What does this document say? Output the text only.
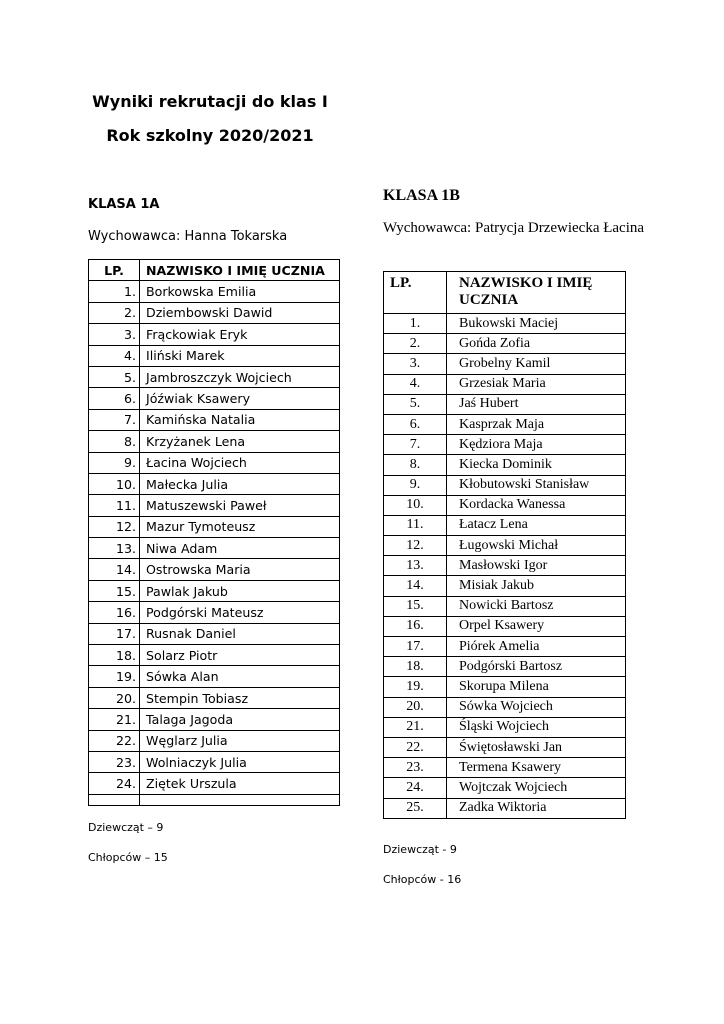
Wyniki rekrutacji do klas I
Rok szkolny 2020/2021

KLASA 1A

Wychowawca: Hanna Tokarska

LP.	NAZWISKO I IMIĘ UCZNIA
1.	Borkowska Emilia
2.	Dziembowski Dawid
3.	Frąckowiak Eryk
4.	Iliński Marek
5.	Jambroszczyk Wojciech
6.	Jóźwiak Ksawery
7.	Kamińska Natalia
8.	Krzyżanek Lena
9.	Łacina Wojciech
10.	Małecka Julia
11.	Matuszewski Paweł
12.	Mazur Tymoteusz
13.	Niwa Adam
14.	Ostrowska Maria
15.	Pawlak Jakub
16.	Podgórski Mateusz
17.	Rusnak Daniel
18.	Solarz Piotr
19.	Sówka Alan
20.	Stempin Tobiasz
21.	Talaga Jagoda
22.	Węglarz Julia
23.	Wolniaczyk Julia
24.	Ziętek Urszula

KLASA 1B

Wychowawca: Patrycja Drzewiecka Łacina

LP.	NAZWISKO I IMIĘ UCZNIA
1.	Bukowski Maciej
2.	Gońda Zofia
3.	Grobelny Kamil
4.	Grzesiak Maria
5.	Jaś Hubert
6.	Kasprzak Maja
7.	Kędziora Maja
8.	Kiecka Dominik
9.	Kłobutowski Stanisław
10.	Kordacka Wanessa
11.	Łatacz Lena
12.	Ługowski Michał
13.	Masłowski Igor
14.	Misiak Jakub
15.	Nowicki Bartosz
16.	Orpel Ksawery
17.	Piórek Amelia
18.	Podgórski Bartosz
19.	Skorupa Milena
20.	Sówka Wojciech
21.	Śląski Wojciech
22.	Świętosławski Jan
23.	Termena Ksawery
24.	Wojtczak Wojciech
25.	Zadka Wiktoria

Dziewcząt – 9

Chłopców – 15

Dziewcząt - 9

Chłopców - 16
